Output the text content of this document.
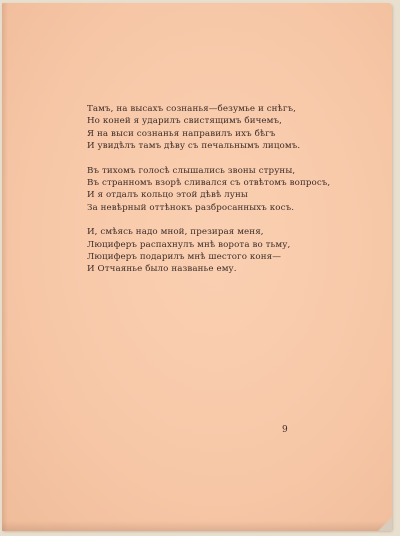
Тамъ, на высахъ сознанья—безумье и снѣгъ,
Но коней я ударилъ свистящимъ бичемъ,
Я на выси сознанья направилъ ихъ бѣгъ
И увидѣлъ тамъ дѣву съ печальнымъ лицомъ.
Въ тихомъ голосѣ слышались звоны струны,
Въ странномъ взорѣ сливался съ отвѣтомъ вопросъ,
И я отдалъ кольцо этой дѣвѣ луны
За невѣрный оттѣнокъ разбросанныхъ косъ.
И, смѣясь надо мной, презирая меня,
Люциферъ распахнулъ мнѣ ворота во тьму,
Люциферъ подарилъ мнѣ шестого коня—
И Отчаянье было названье ему.
9
